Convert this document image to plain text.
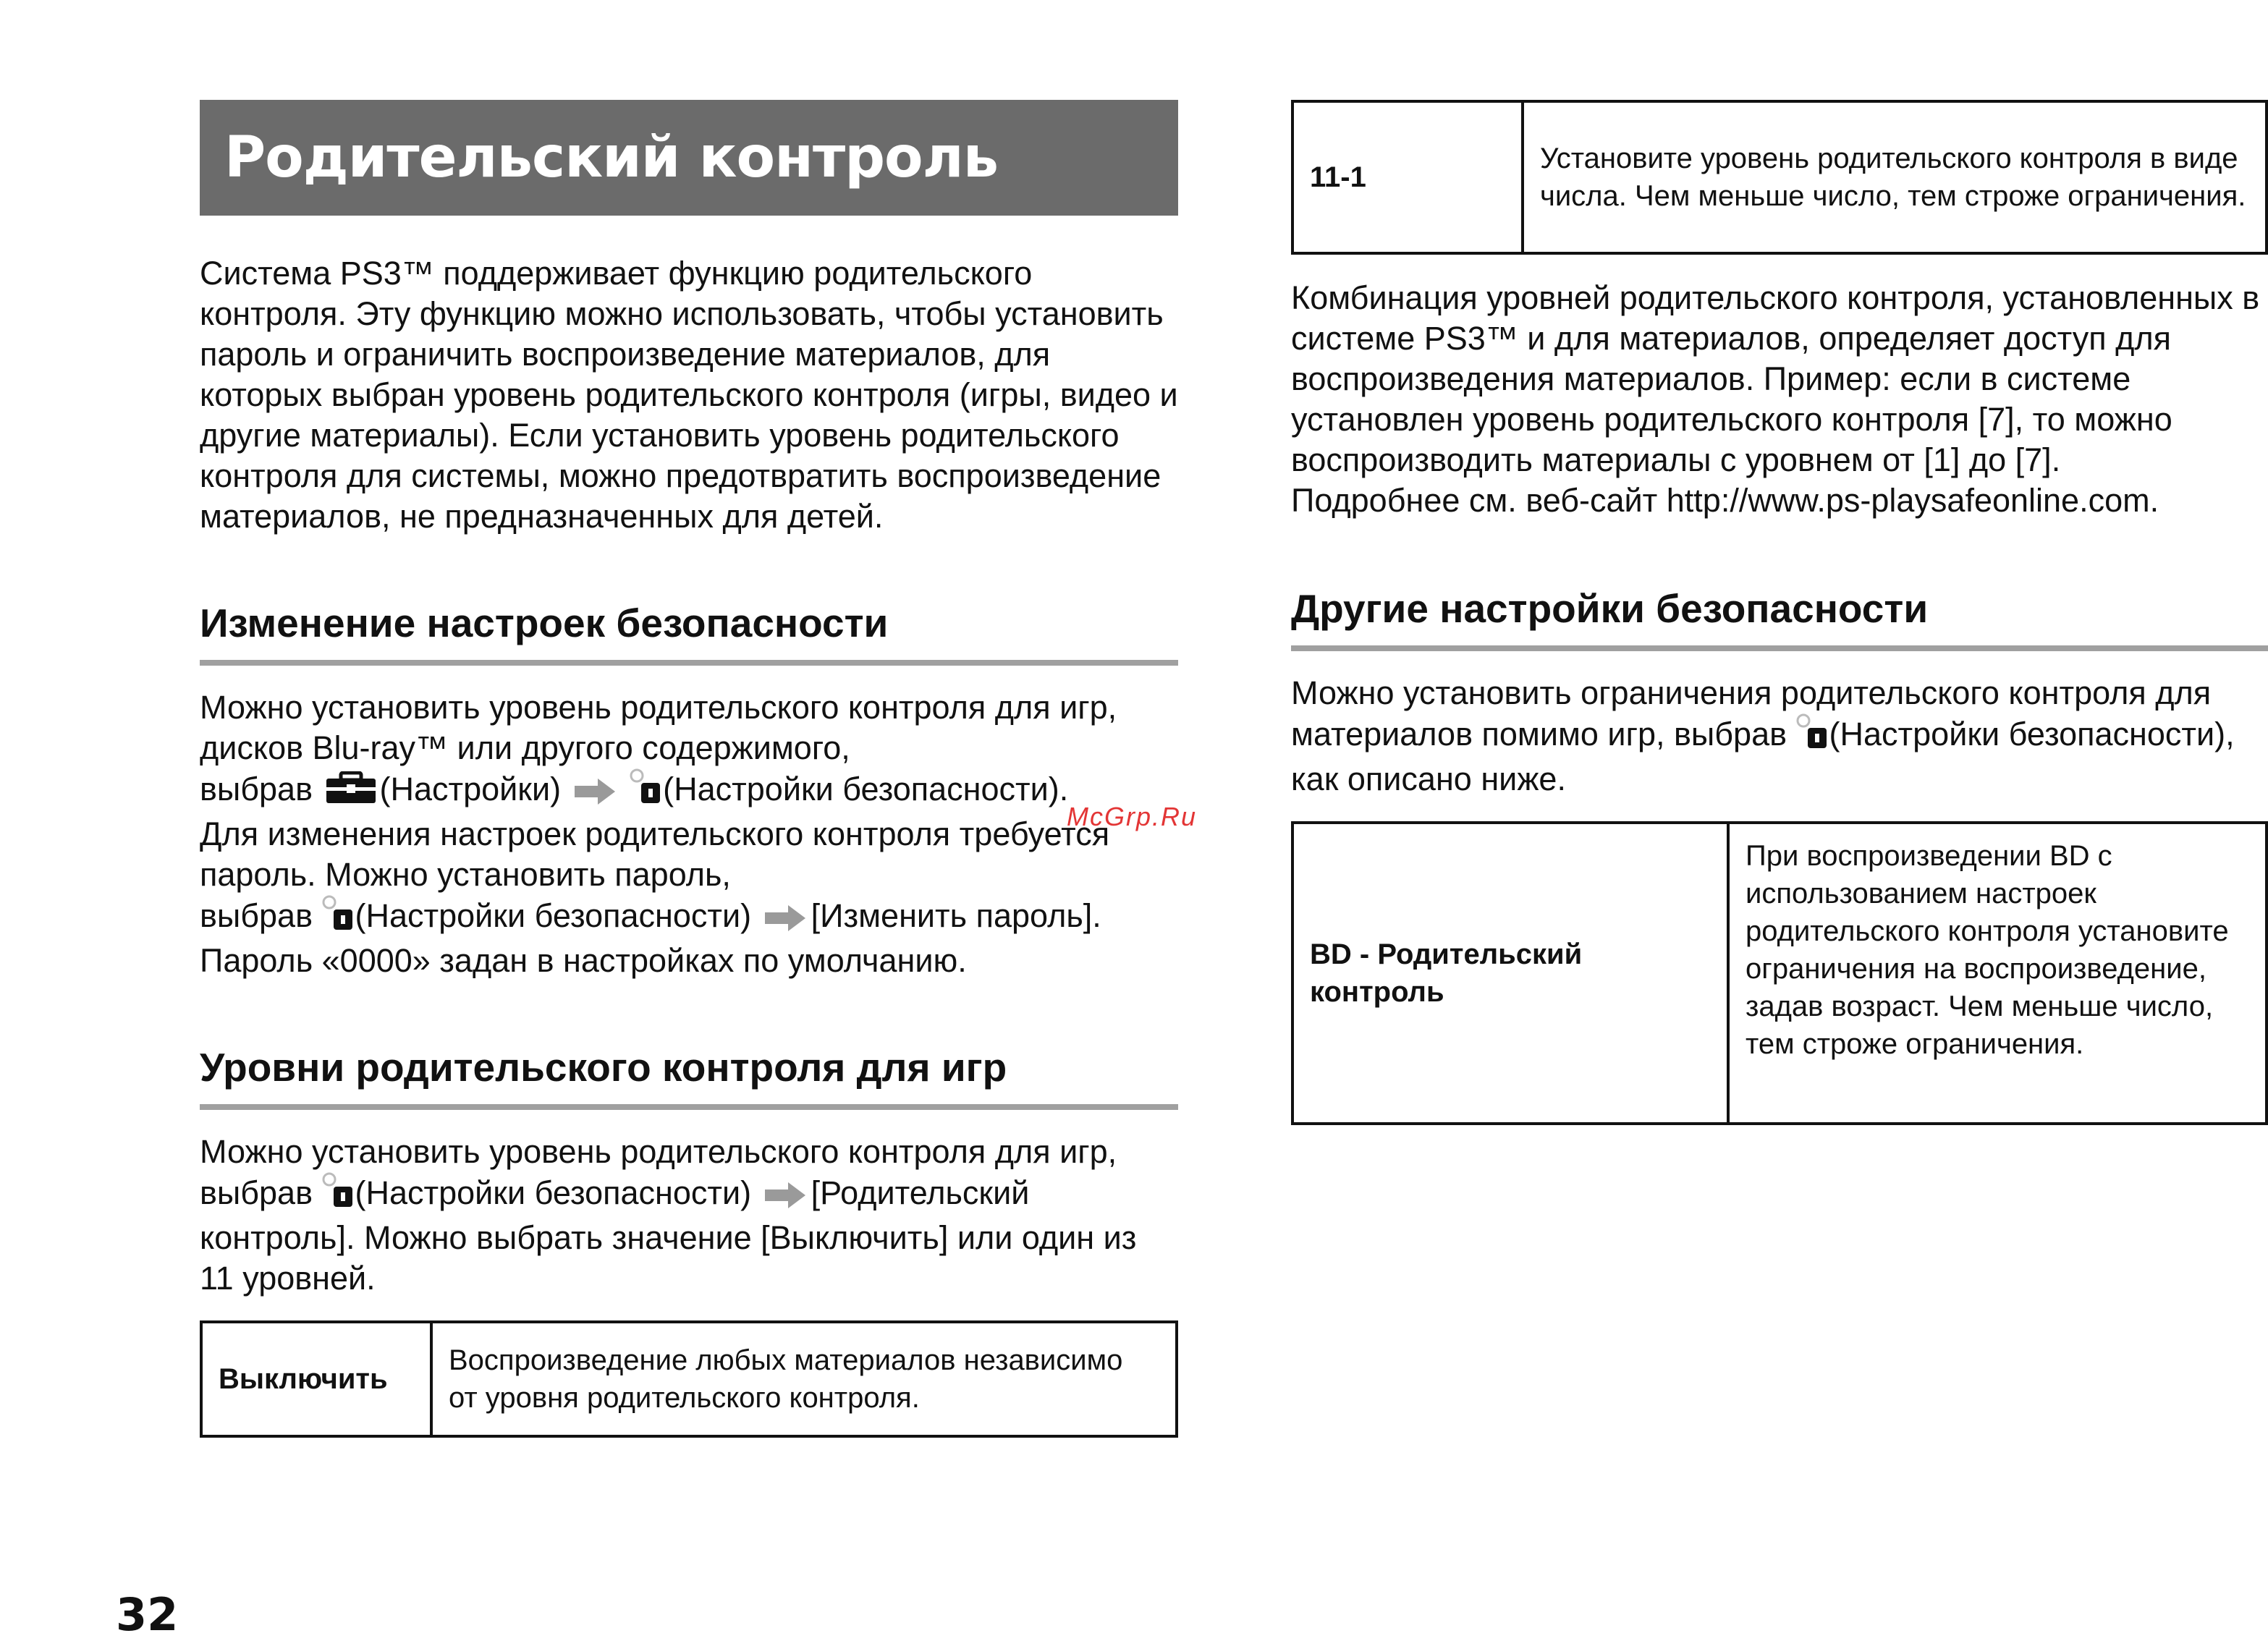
Родительский контроль

Система PS3™ поддерживает функцию родительского контроля. Эту функцию можно использовать, чтобы установить пароль и ограничить воспроизведение материалов, для которых выбран уровень родительского контроля (игры, видео и другие материалы). Если установить уровень родительского контроля для системы, можно предотвратить воспроизведение материалов, не предназначенных для детей.

Изменение настроек безопасности
Можно установить уровень родительского контроля для игр, дисков Blu-ray™ или другого содержимого,
выбрав (Настройки)	(Настройки безопасности).
Для изменения настроек родительского контроля требуется пароль. Можно установить пароль,
выбрав (Настройки безопасности) [Изменить пароль].
Пароль «0000» задан в настройках по умолчанию.
Уровни родительского контроля для игр
Можно установить уровень родительского контроля для игр, выбрав (Настройки безопасности) [Родительский контроль]. Можно выбрать значение [Выключить] или один из 11 уровней.
Выключить
Воспроизведение любых материалов независимо от уровня родительского контроля.
11-1
Установите уровень родительского контроля в виде числа. Чем меньше число, тем строже ограничения.

Комбинация уровней родительского контроля, установленных в системе PS3™ и для материалов, определяет доступ для воспроизведения материалов. Пример: если в системе установлен уровень родительского контроля [7], то можно воспроизводить материалы с уровнем от [1] до [7].

Подробнее см. веб-сайт http://www.ps-playsafeonline.com.

Другие настройки безопасности
Можно установить ограничения родительского контроля для материалов помимо игр, выбрав (Настройки безопасности), как описано ниже.
BD - Родительский контроль
При воспроизведении BD с использованием настроек родительского контроля установите ограничения на воспроизведение, задав возраст. Чем меньше число, тем строже ограничения.
McGrp.Ru
32
